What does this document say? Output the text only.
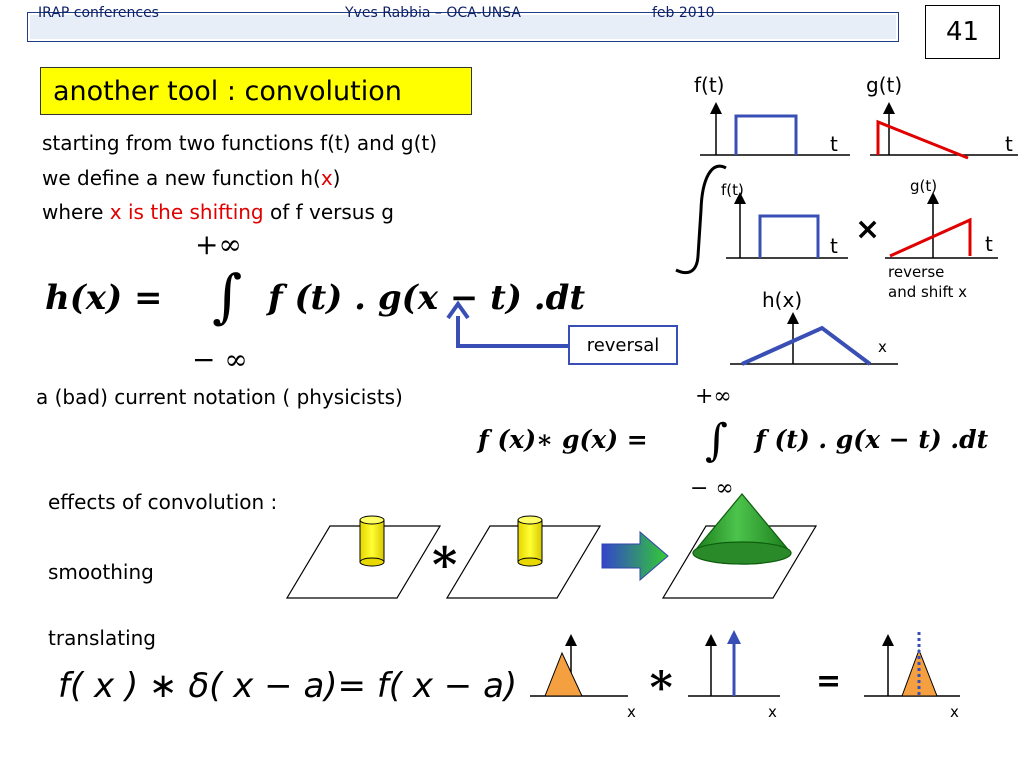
IRAP conferences	Yves Rabbia – OCA-UNSA	feb 2010
41
another tool : convolution
starting from two functions f(t) and g(t)
we define a new function h(x)
where x is the shifting of f versus g
+∞
h(x) = ∫ f (t) . g(x − t) .dt
− ∞	reversal
a (bad) current notation ( physicists)	+∞
f (x)∗ g(x) = ∫ f (t) . g(x − t) .dt
− ∞
effects of convolution :
smoothing
translating
∗
f( x ) ∗ δ( x − a)= f( x − a)
f(t)	g(t)
t	t
f(t)	g(t)
t	t
×
reverse
and shift x
h(x)
x
x	x	x
∗	=
